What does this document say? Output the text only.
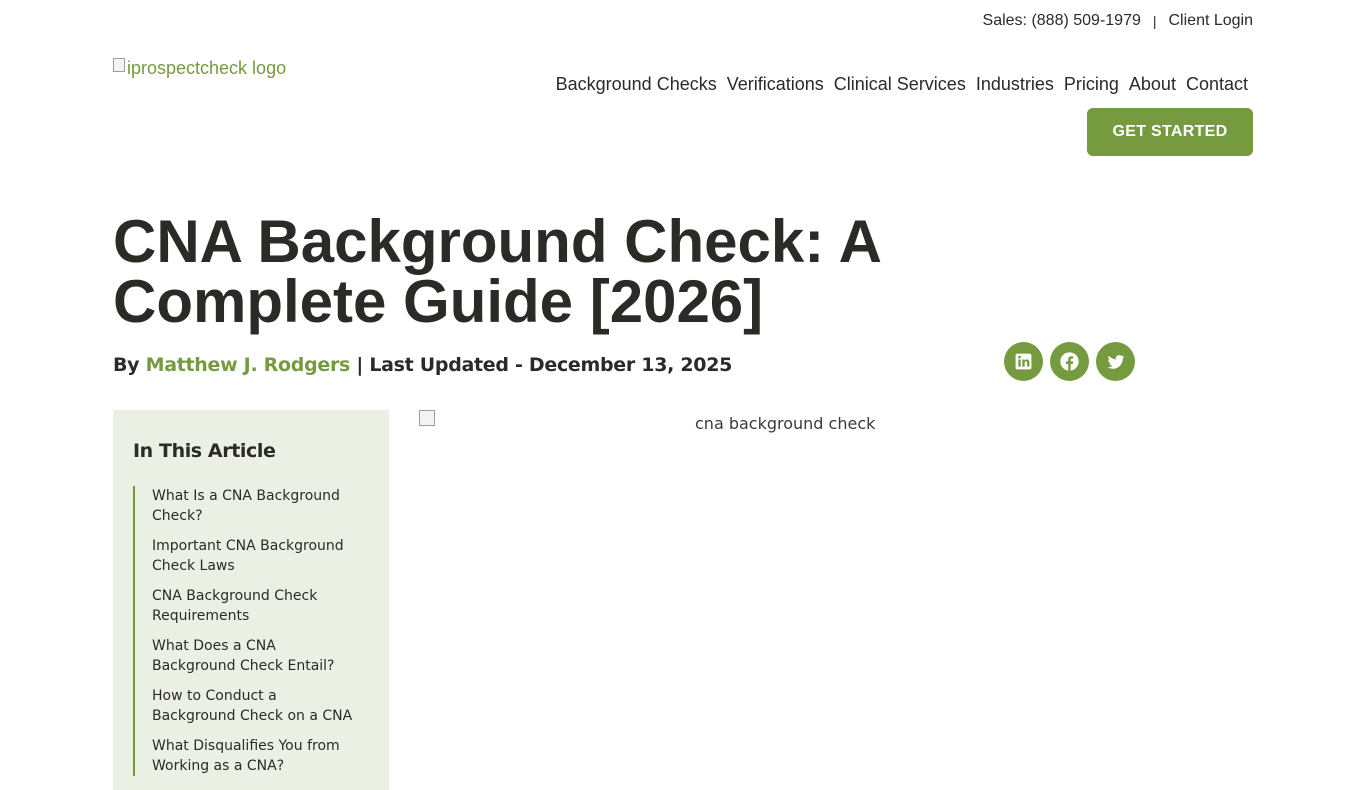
Sales: (888) 509-1979 | Client Login
iprospectcheck logo
Background Checks Verifications Clinical Services Industries Pricing About Contact
GET STARTED
CNA Background Check: A Complete Guide [2026]
By Matthew J. Rodgers | Last Updated - December 13, 2025
In This Article
What Is a CNA Background Check?
Important CNA Background Check Laws
CNA Background Check Requirements
What Does a CNA Background Check Entail?
How to Conduct a Background Check on a CNA
What Disqualifies You from Working as a CNA?
cna background check
